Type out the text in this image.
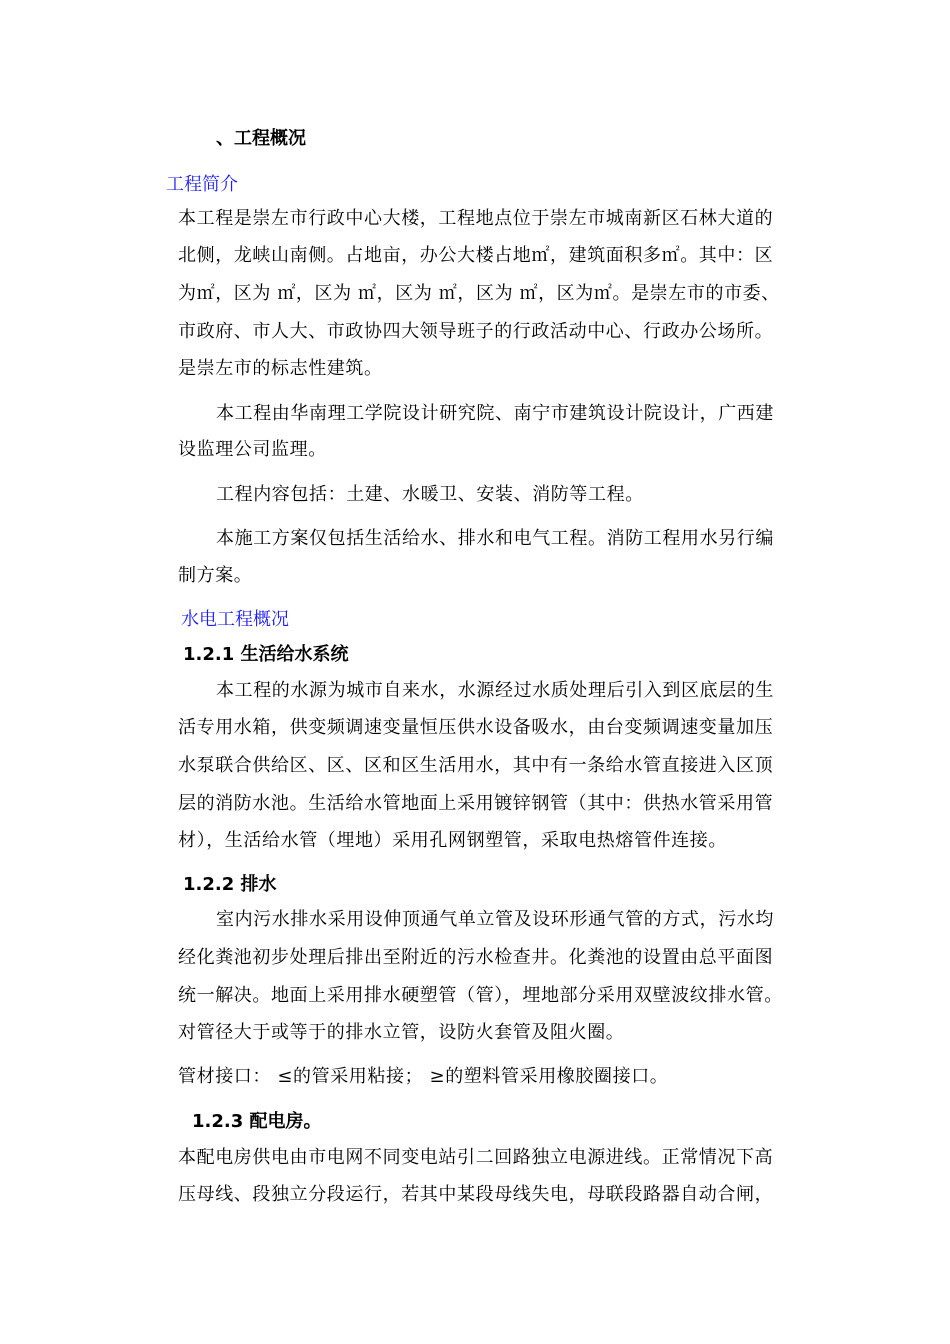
、工程概况
工程简介
本工程是崇左市行政中心大楼，工程地点位于崇左市城南新区石林大道的
北侧，龙峡山南侧。占地亩，办公大楼占地㎡，建筑面积多㎡。其中：区
为㎡，区为 ㎡，区为 ㎡，区为 ㎡，区为 ㎡，区为㎡。是崇左市的市委、
市政府、市人大、市政协四大领导班子的行政活动中心、行政办公场所。
是崇左市的标志性建筑。
本工程由华南理工学院设计研究院、南宁市建筑设计院设计，广西建
设监理公司监理。
工程内容包括：土建、水暖卫、安装、消防等工程。
本施工方案仅包括生活给水、排水和电气工程。消防工程用水另行编
制方案。
水电工程概况
1.2.1 生活给水系统
本工程的水源为城市自来水，水源经过水质处理后引入到区底层的生
活专用水箱，供变频调速变量恒压供水设备吸水，由台变频调速变量加压
水泵联合供给区、区、区和区生活用水，其中有一条给水管直接进入区顶
层的消防水池。生活给水管地面上采用镀锌钢管（其中：供热水管采用管
材），生活给水管（埋地）采用孔网钢塑管，采取电热熔管件连接。
1.2.2 排水
室内污水排水采用设伸顶通气单立管及设环形通气管的方式，污水均
经化粪池初步处理后排出至附近的污水检查井。化粪池的设置由总平面图
统一解决。地面上采用排水硬塑管（管），埋地部分采用双壁波纹排水管。
对管径大于或等于的排水立管，设防火套管及阻火圈。
管材接口： ≤的管采用粘接； ≥的塑料管采用橡胶圈接口。
1.2.3 配电房。
本配电房供电由市电网不同变电站引二回路独立电源进线。正常情况下高
压母线、段独立分段运行，若其中某段母线失电，母联段路器自动合闸，
